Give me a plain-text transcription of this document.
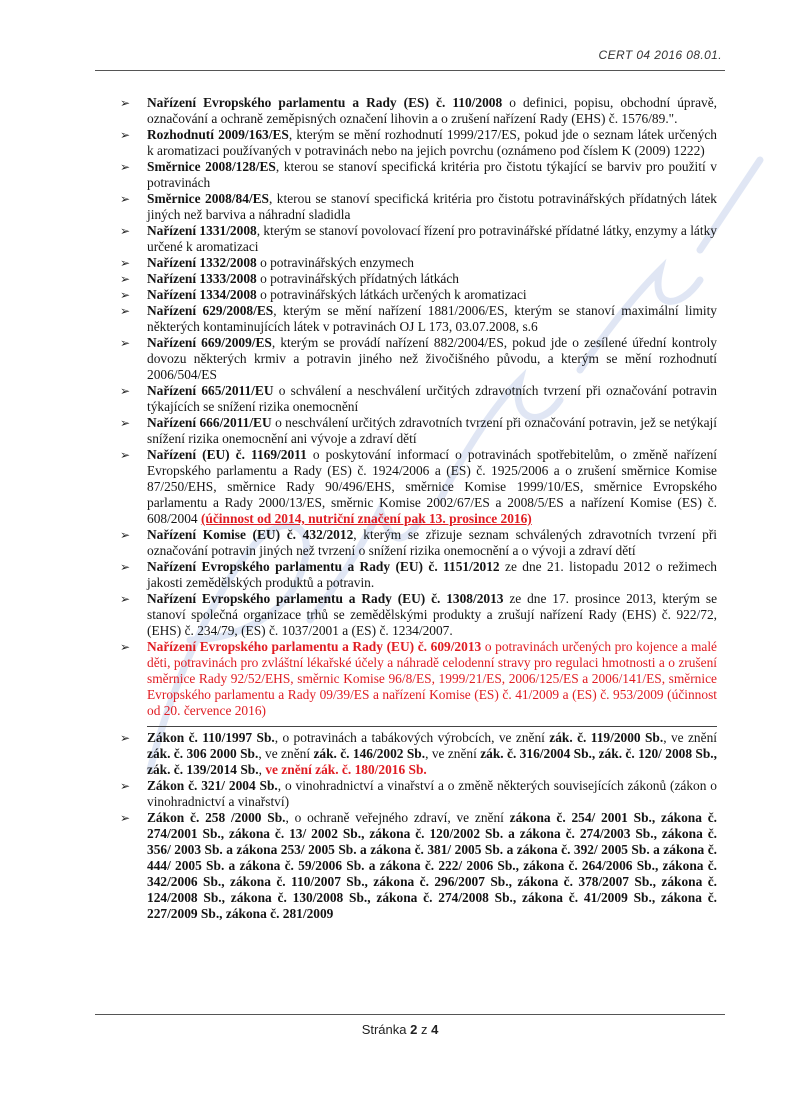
CERT 04 2016 08.01.
➢	Nařízení Evropského parlamentu a Rady (ES) č. 110/2008 o definici, popisu, obchodní úpravě, označování a ochraně zeměpisných označení lihovin a o zrušení nařízení Rady (EHS) č. 1576/89.".

➢	Rozhodnutí 2009/163/ES, kterým se mění rozhodnutí 1999/217/ES, pokud jde o seznam látek určených k aromatizaci používaných v potravinách nebo na jejich povrchu (oznámeno pod číslem K (2009) 1222)

➢	Směrnice 2008/128/ES, kterou se stanoví specifická kritéria pro čistotu týkající se barviv pro použití v potravinách

➢	Směrnice 2008/84/ES, kterou se stanoví specifická kritéria pro čistotu potravinářských přídatných látek jiných než barviva a náhradní sladidla

➢	Nařízení 1331/2008, kterým se stanoví povolovací řízení pro potravinářské přídatné látky, enzymy a látky určené k aromatizaci

➢	Nařízení 1332/2008 o potravinářských enzymech

➢	Nařízení 1333/2008 o potravinářských přídatných látkách

➢	Nařízení 1334/2008 o potravinářských látkách určených k aromatizaci

➢	Nařízení 629/2008/ES, kterým se mění nařízení 1881/2006/ES, kterým se stanoví maximální limity některých kontaminujících látek v potravinách OJ L 173, 03.07.2008, s.6

➢	Nařízení 669/2009/ES, kterým se provádí nařízení 882/2004/ES, pokud jde o zesílené úřední kontroly dovozu některých krmiv a potravin jiného než živočišného původu, a kterým se mění rozhodnutí 2006/504/ES

➢	Nařízení 665/2011/EU o schválení a neschválení určitých zdravotních tvrzení při označování potravin týkajících se snížení rizika onemocnění

➢	Nařízení 666/2011/EU o neschválení určitých zdravotních tvrzení při označování potravin, jež se netýkají snížení rizika onemocnění ani vývoje a zdraví dětí

➢	Nařízení (EU) č. 1169/2011 o poskytování informací o potravinách spotřebitelům, o změně nařízení Evropského parlamentu a Rady (ES) č. 1924/2006 a (ES) č. 1925/2006 a o zrušení směrnice Komise 87/250/EHS, směrnice Rady 90/496/EHS, směrnice Komise 1999/10/ES, směrnice Evropského parlamentu a Rady 2000/13/ES, směrnic Komise 2002/67/ES a 2008/5/ES a nařízení Komise (ES) č. 608/2004 (účinnost od 2014, nutriční značení pak 13. prosince 2016)

➢	Nařízení Komise (EU) č. 432/2012, kterým se zřizuje seznam schválených zdravotních tvrzení při označování potravin jiných než tvrzení o snížení rizika onemocnění a o vývoji a zdraví dětí

➢	Nařízení Evropského parlamentu a Rady (EU) č. 1151/2012 ze dne 21. listopadu 2012 o režimech jakosti zemědělských produktů a potravin.

➢	Nařízení Evropského parlamentu a Rady (EU) č. 1308/2013 ze dne 17. prosince 2013, kterým se stanoví společná organizace trhů se zemědělskými produkty a zrušují nařízení Rady (EHS) č. 922/72, (EHS) č. 234/79, (ES) č. 1037/2001 a (ES) č. 1234/2007.

➢	Nařízení Evropského parlamentu a Rady (EU) č. 609/2013 o potravinách určených pro kojence a malé děti, potravinách pro zvláštní lékařské účely a náhradě celodenní stravy pro regulaci hmotnosti a o zrušení směrnice Rady 92/52/EHS, směrnic Komise 96/8/ES, 1999/21/ES, 2006/125/ES a 2006/141/ES, směrnice Evropského parlamentu a Rady 09/39/ES a nařízení Komise (ES) č. 41/2009 a (ES) č. 953/2009 (účinnost od 20. července 2016)

➢	Zákon č. 110/1997 Sb., o potravinách a tabákových výrobcích, ve znění zák. č. 119/2000 Sb., ve znění zák. č. 306 2000 Sb., ve znění zák. č. 146/2002 Sb., ve znění zák. č. 316/2004 Sb., zák. č. 120/ 2008 Sb., zák. č. 139/2014 Sb., ve znění zák. č. 180/2016 Sb.

➢	Zákon č. 321/ 2004 Sb., o vinohradnictví a vinařství a o změně některých souvisejících zákonů (zákon o vinohradnictví a vinařství)

➢	Zákon č. 258 /2000 Sb., o ochraně veřejného zdraví, ve znění zákona č. 254/ 2001 Sb., zákona č. 274/2001 Sb., zákona č. 13/ 2002 Sb., zákona č. 120/2002 Sb. a zákona č. 274/2003 Sb., zákona č. 356/ 2003 Sb. a zákona 253/ 2005 Sb. a zákona č. 381/ 2005 Sb. a zákona č. 392/ 2005 Sb. a zákona č. 444/ 2005 Sb. a zákona č. 59/2006 Sb. a zákona č. 222/ 2006 Sb., zákona č. 264/2006 Sb., zákona č. 342/2006 Sb., zákona č. 110/2007 Sb., zákona č. 296/2007 Sb., zákona č. 378/2007 Sb., zákona č. 124/2008 Sb., zákona č. 130/2008 Sb., zákona č. 274/2008 Sb., zákona č. 41/2009 Sb., zákona č. 227/2009 Sb., zákona č. 281/2009

Stránka 2 z 4
